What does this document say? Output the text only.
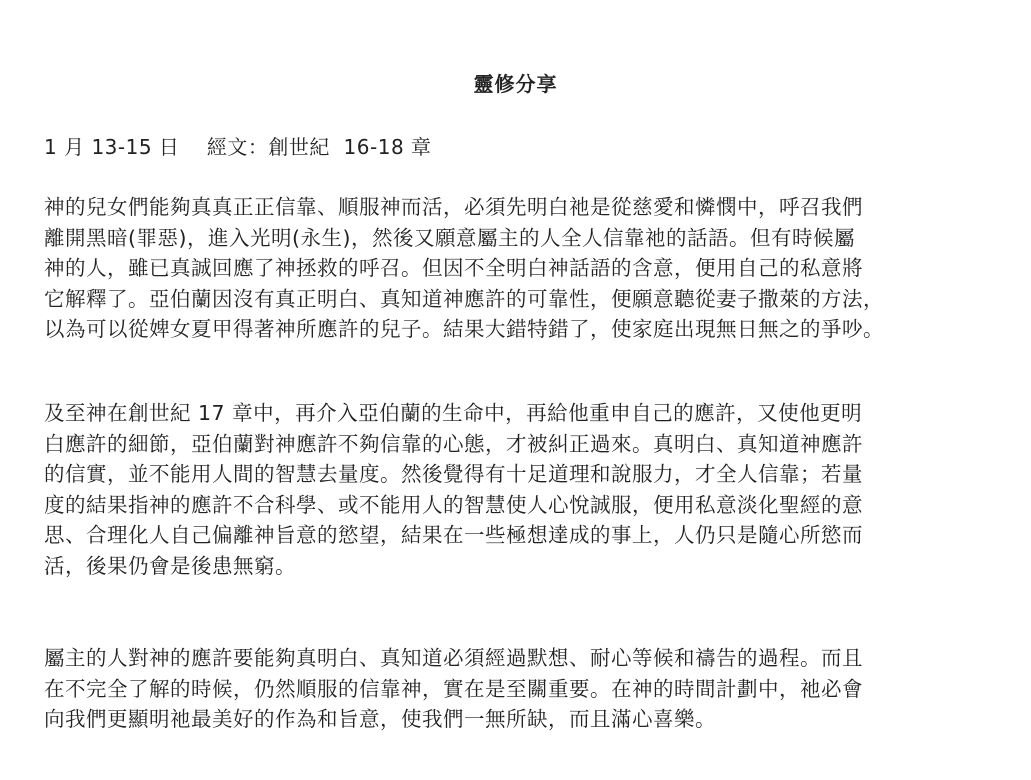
靈修分享
1 月 13-15 日    經文：創世紀  16-18 章
神的兒女們能夠真真正正信靠、順服神而活，必須先明白祂是從慈愛和憐憫中，呼召我們
離開黑暗(罪惡)，進入光明(永生)，然後又願意屬主的人全人信靠祂的話語。但有時候屬
神的人，雖已真誠回應了神拯救的呼召。但因不全明白神話語的含意，便用自己的私意將
它解釋了。亞伯蘭因沒有真正明白、真知道神應許的可靠性，便願意聽從妻子撒萊的方法，
以為可以從婢女夏甲得著神所應許的兒子。結果大錯特錯了，使家庭出現無日無之的爭吵。
及至神在創世紀 17 章中，再介入亞伯蘭的生命中，再給他重申自己的應許，又使他更明
白應許的細節，亞伯蘭對神應許不夠信靠的心態，才被糾正過來。真明白、真知道神應許
的信實，並不能用人間的智慧去量度。然後覺得有十足道理和說服力，才全人信靠；若量
度的結果指神的應許不合科學、或不能用人的智慧使人心悅誠服，便用私意淡化聖經的意
思、合理化人自己偏離神旨意的慾望，結果在一些極想達成的事上，人仍只是隨心所慾而
活，後果仍會是後患無窮。
屬主的人對神的應許要能夠真明白、真知道必須經過默想、耐心等候和禱告的過程。而且
在不完全了解的時候，仍然順服的信靠神，實在是至關重要。在神的時間計劃中，祂必會
向我們更顯明祂最美好的作為和旨意，使我們一無所缺，而且滿心喜樂。
